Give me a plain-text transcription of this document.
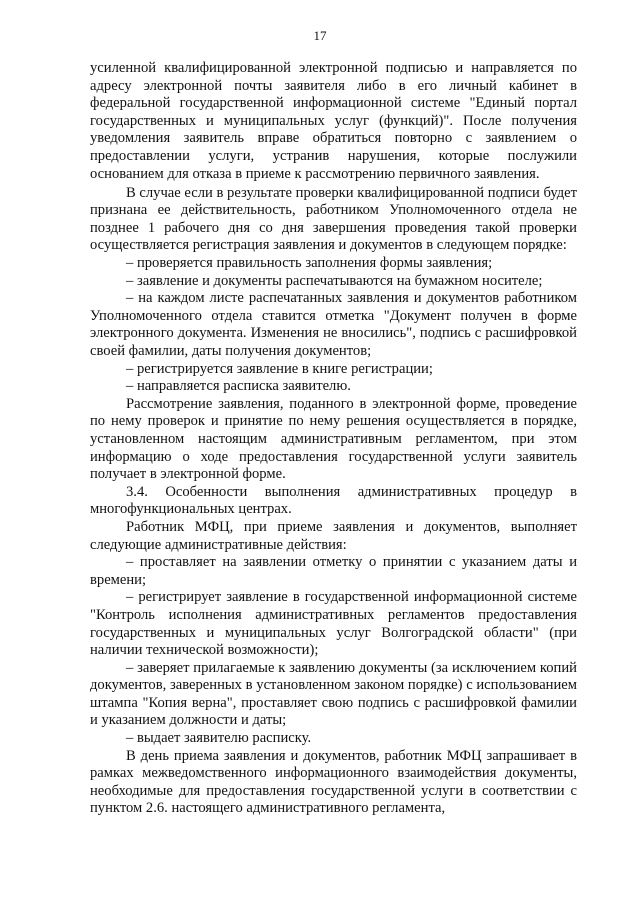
17

усиленной квалифицированной электронной подписью и направляется по адресу электронной почты заявителя либо в его личный кабинет в федеральной государственной информационной системе "Единый портал государственных и муниципальных услуг (функций)". После получения уведомления заявитель вправе обратиться повторно с заявлением о предоставлении услуги, устранив нарушения, которые послужили основанием для отказа в приеме к рассмотрению первичного заявления.

В случае если в результате проверки квалифицированной подписи будет признана ее действительность, работником Уполномоченного отдела не позднее 1 рабочего дня со дня завершения проведения такой проверки осуществляется регистрация заявления и документов в следующем порядке:

– проверяется правильность заполнения формы заявления;

– заявление и документы распечатываются на бумажном носителе;

– на каждом листе распечатанных заявления и документов работником Уполномоченного отдела ставится отметка "Документ получен в форме электронного документа. Изменения не вносились", подпись с расшифровкой своей фамилии, даты получения документов;

– регистрируется заявление в книге регистрации;

– направляется расписка заявителю.

Рассмотрение заявления, поданного в электронной форме, проведение по нему проверок и принятие по нему решения осуществляется в порядке, установленном настоящим административным регламентом, при этом информацию о ходе предоставления государственной услуги заявитель получает в электронной форме.

3.4. Особенности выполнения административных процедур в многофункциональных центрах.

Работник МФЦ, при приеме заявления и документов, выполняет следующие административные действия:

– проставляет на заявлении отметку о принятии с указанием даты и времени;

– регистрирует заявление в государственной информационной системе "Контроль исполнения административных регламентов предоставления государственных и муниципальных услуг Волгоградской области" (при наличии технической возможности);

– заверяет прилагаемые к заявлению документы (за исключением копий документов, заверенных в установленном законом порядке) с использованием штампа "Копия верна", проставляет свою подпись с расшифровкой фамилии и указанием должности и даты;

– выдает заявителю расписку.

В день приема заявления и документов, работник МФЦ запрашивает в рамках межведомственного информационного взаимодействия документы, необходимые для предоставления государственной услуги в соответствии с пунктом 2.6. настоящего административного регламента,
